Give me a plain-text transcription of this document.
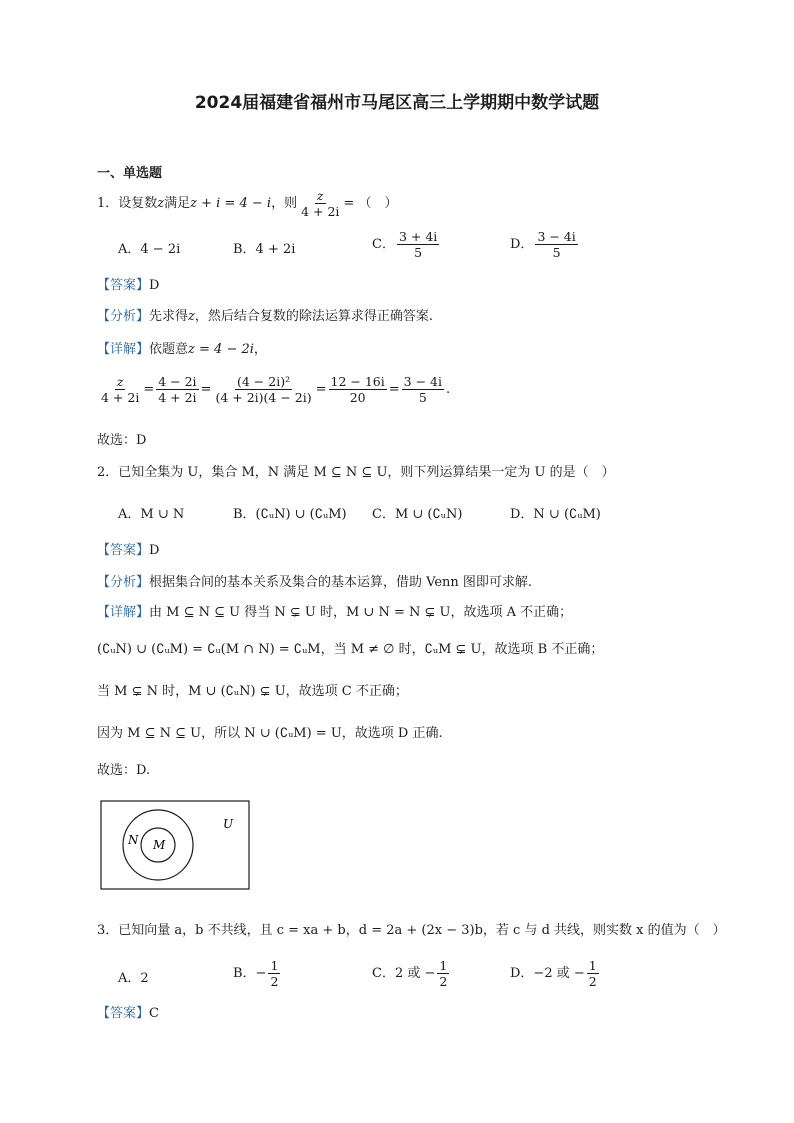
2024届福建省福州市马尾区高三上学期期中数学试题
一、单选题
1．设复数z满足z + i = 4 − i，则 $\frac{z}{4 + 2i}$ = （　）
A．4 − 2i	B．4 + 2i	C． $\frac{3 + 4i}{5}$	D． $\frac{3 - 4i}{5}$
【答案】D
【分析】先求得z，然后结合复数的除法运算求得正确答案.
【详解】依题意z = 4 − 2i，
$\frac{z}{4 + 2i} = \frac{4 - 2i}{4 + 2i} = \frac{\text{(4 − 2i)²}}{(4 + 2i)(4 - 2i)} = \frac{12 - 16i}{20} = \frac{3 - 4i}{5}$ .
故选：D
2．已知全集为 U，集合 M，N 满足 M ⊆ N ⊆ U，则下列运算结果一定为 U 的是（　）
A．M ∪ N	B．(∁ᵤN) ∪ (∁ᵤM) C．M ∪ (∁ᵤN)	D．N ∪ (∁ᵤM)
【答案】D
【分析】根据集合间的基本关系及集合的基本运算，借助 Venn 图即可求解.
【详解】由 M ⊆ N ⊆ U 得当 N ⊊ U 时，M ∪ N = N ⊊ U，故选项 A 不正确；
(∁ᵤN) ∪ (∁ᵤM) = ∁ᵤ(M ∩ N) = ∁ᵤM，当 M ≠ ∅ 时，∁ᵤM ⊊ U，故选项 B 不正确；
当 M ⊊ N 时，M ∪ (∁ᵤN) ⊊ U，故选项 C 不正确；
因为 M ⊆ N ⊆ U，所以 N ∪ (∁ᵤM) = U，故选项 D 正确.
故选：D.
U
N M
3．已知向量 a，b 不共线，且 c = xa + b，d = 2a + (2x − 3)b，若 c 与 d 共线，则实数 x 的值为（　）
A．2	B．− $\frac{1}{2}$	C．2 或 − $\frac{1}{2}$	D．−2 或 − $\frac{1}{2}$
【答案】C
